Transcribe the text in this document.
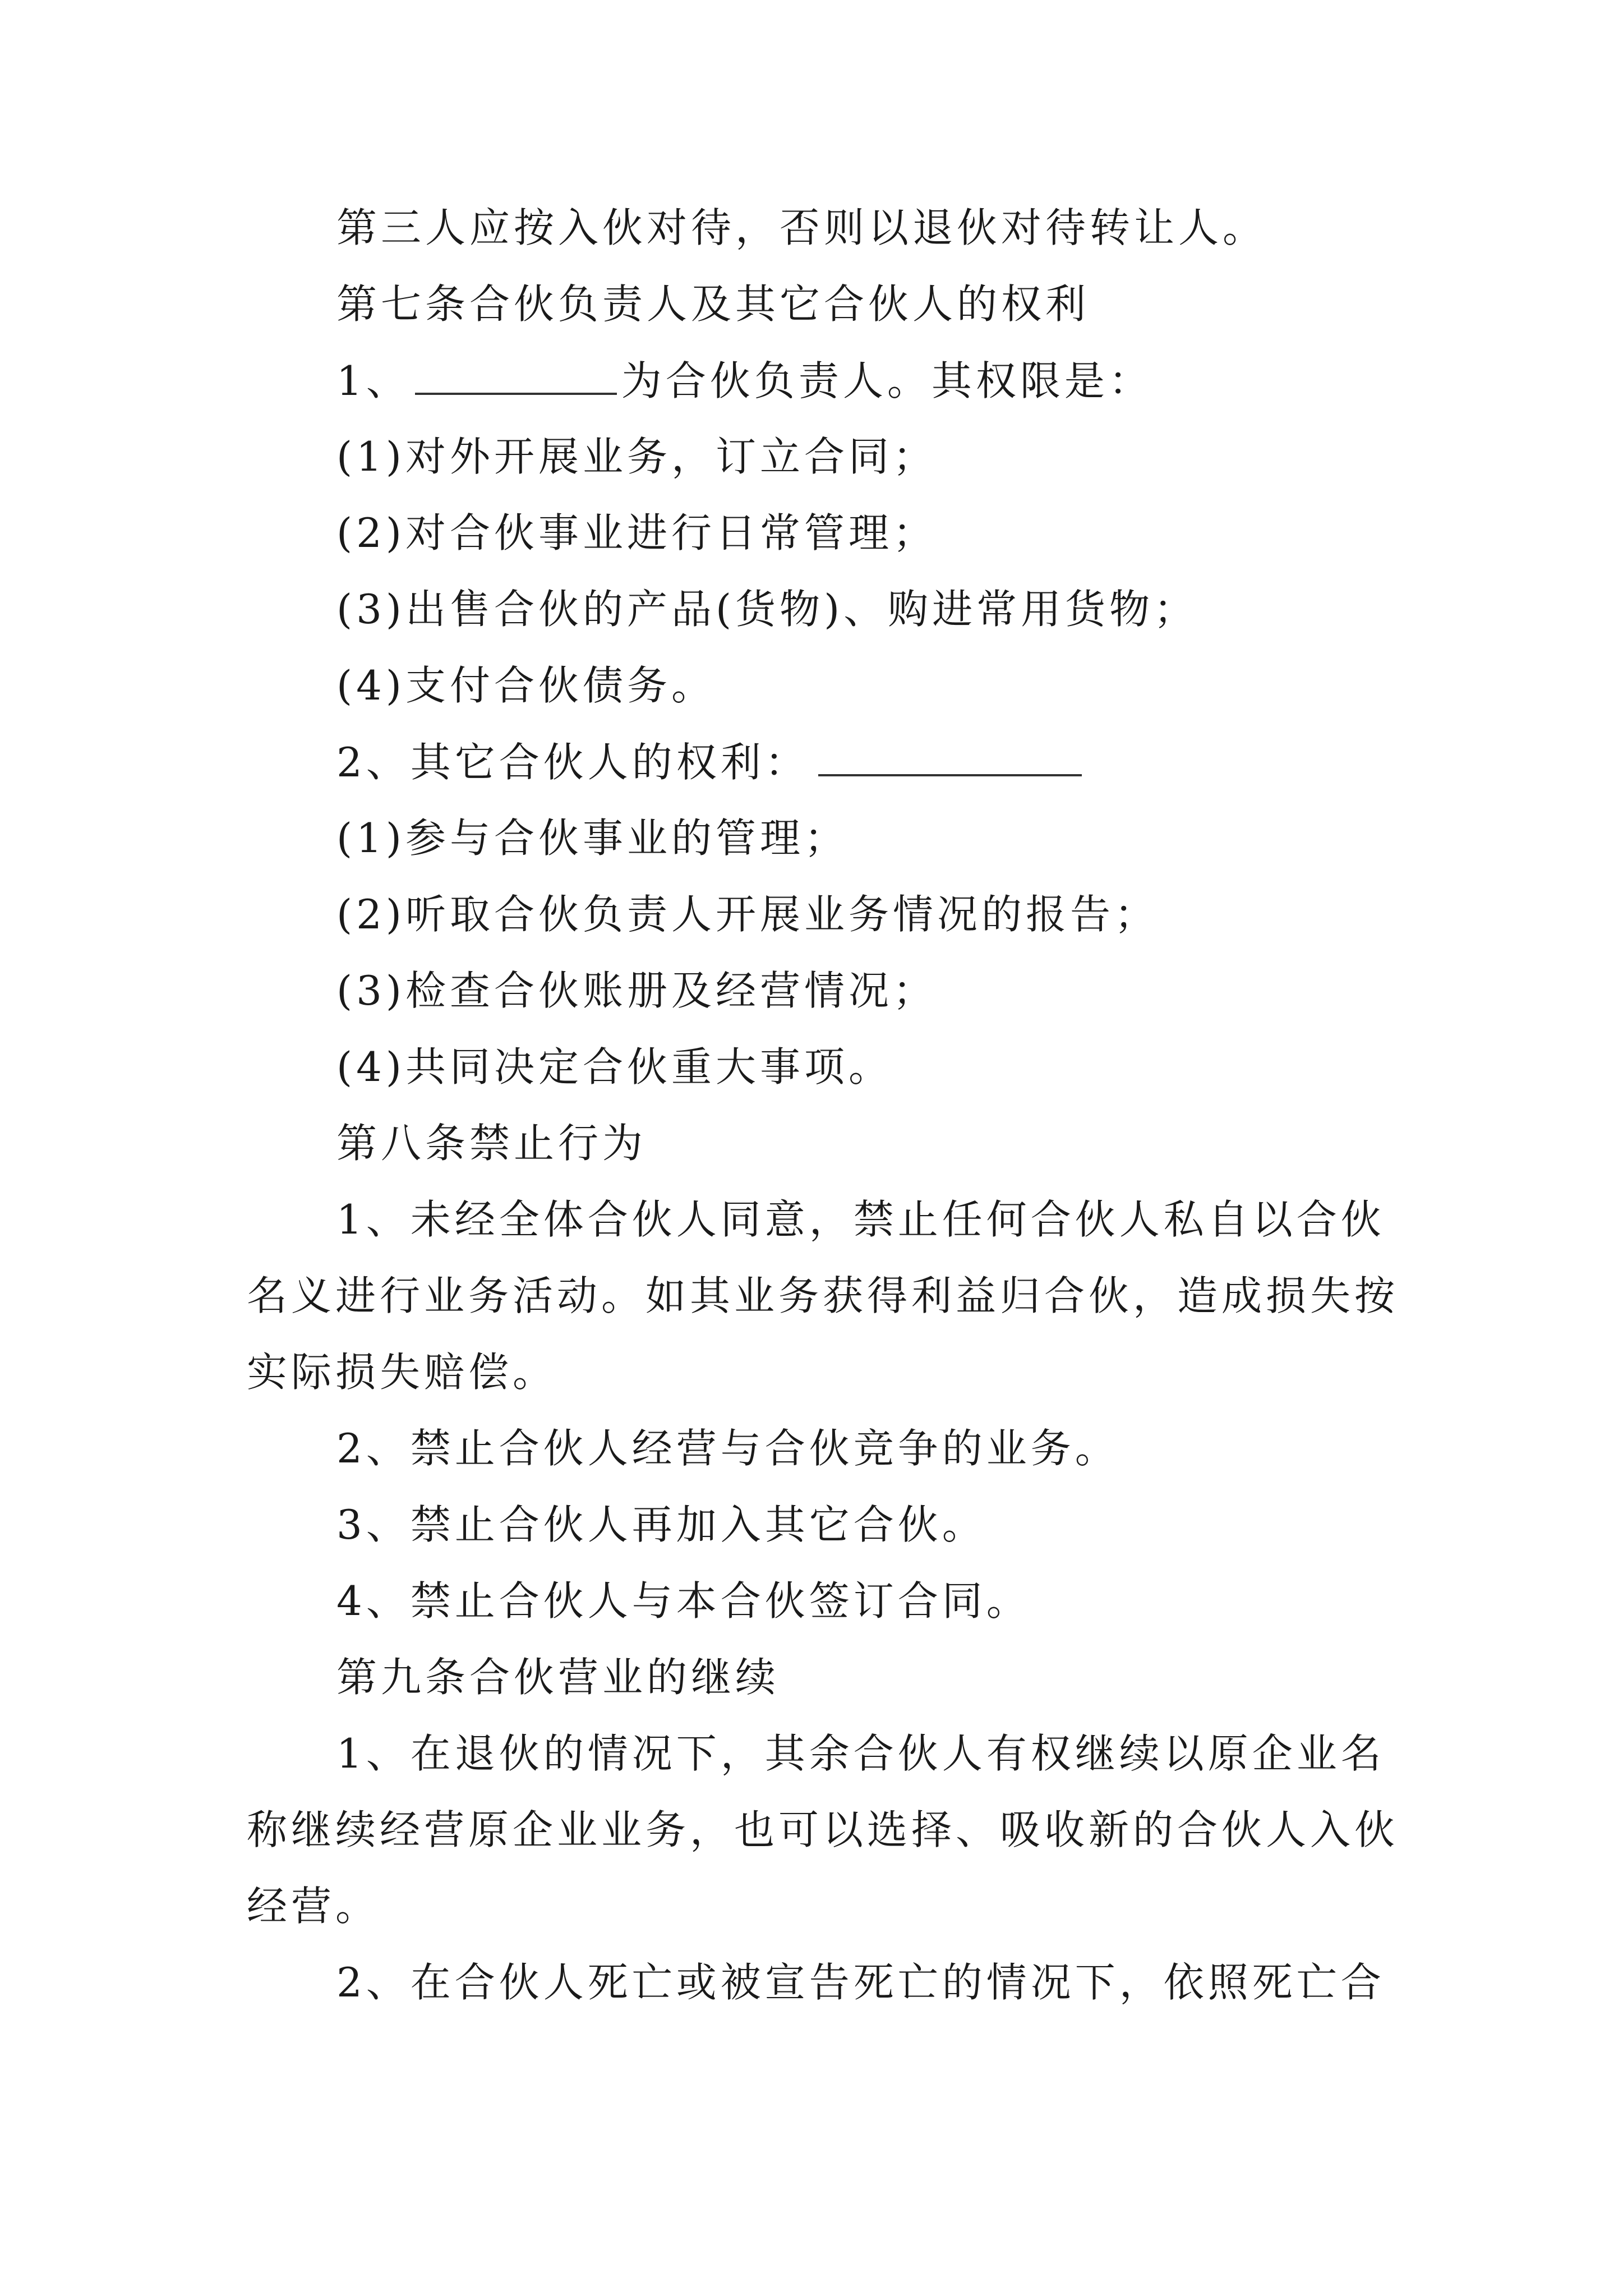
第三人应按入伙对待，否则以退伙对待转让人。
第七条合伙负责人及其它合伙人的权利
1、	为合伙负责人。其权限是：
(1)对外开展业务，订立合同；
(2)对合伙事业进行日常管理；
(3)出售合伙的产品(货物)、购进常用货物；
(4)支付合伙债务。
2、其它合伙人的权利：
(1)参与合伙事业的管理；
(2)听取合伙负责人开展业务情况的报告；
(3)检查合伙账册及经营情况；
(4)共同决定合伙重大事项。
第八条禁止行为
1、未经全体合伙人同意，禁止任何合伙人私自以合伙
名义进行业务活动。如其业务获得利益归合伙，造成损失按
实际损失赔偿。
2、禁止合伙人经营与合伙竞争的业务。
3、禁止合伙人再加入其它合伙。
4、禁止合伙人与本合伙签订合同。
第九条合伙营业的继续
1、在退伙的情况下，其余合伙人有权继续以原企业名
称继续经营原企业业务，也可以选择、吸收新的合伙人入伙
经营。
2、在合伙人死亡或被宣告死亡的情况下，依照死亡合
